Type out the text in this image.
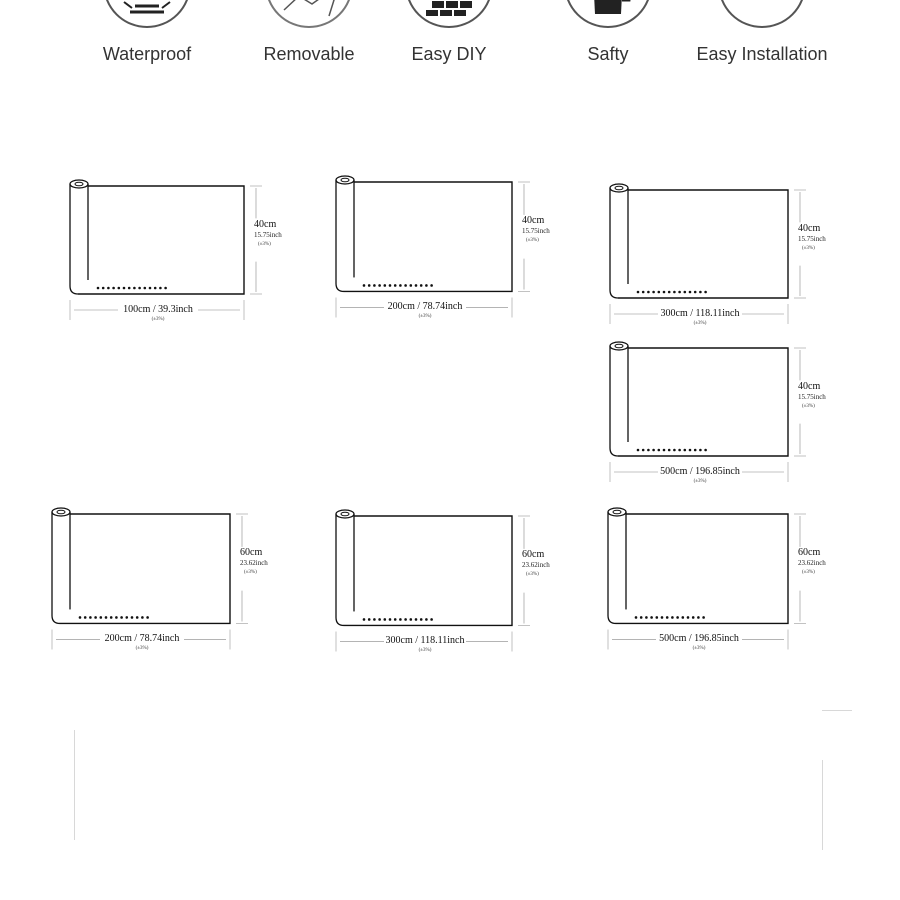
Waterproof	Removable	Easy DIY	Safty	Easy Installation
100cm / 39.3inch
(±3%)
40cm
15.75inch
(±3%)
200cm / 78.74inch
(±3%)
40cm
15.75inch
(±3%)
300cm / 118.11inch
(±3%)
40cm
15.75inch
(±3%)
500cm / 196.85inch
(±3%)
40cm
15.75inch
(±3%)
200cm / 78.74inch
(±3%)
60cm
23.62inch
(±3%)
300cm / 118.11inch
(±3%)
60cm
23.62inch
(±3%)
500cm / 196.85inch
(±3%)
60cm
23.62inch
(±3%)
